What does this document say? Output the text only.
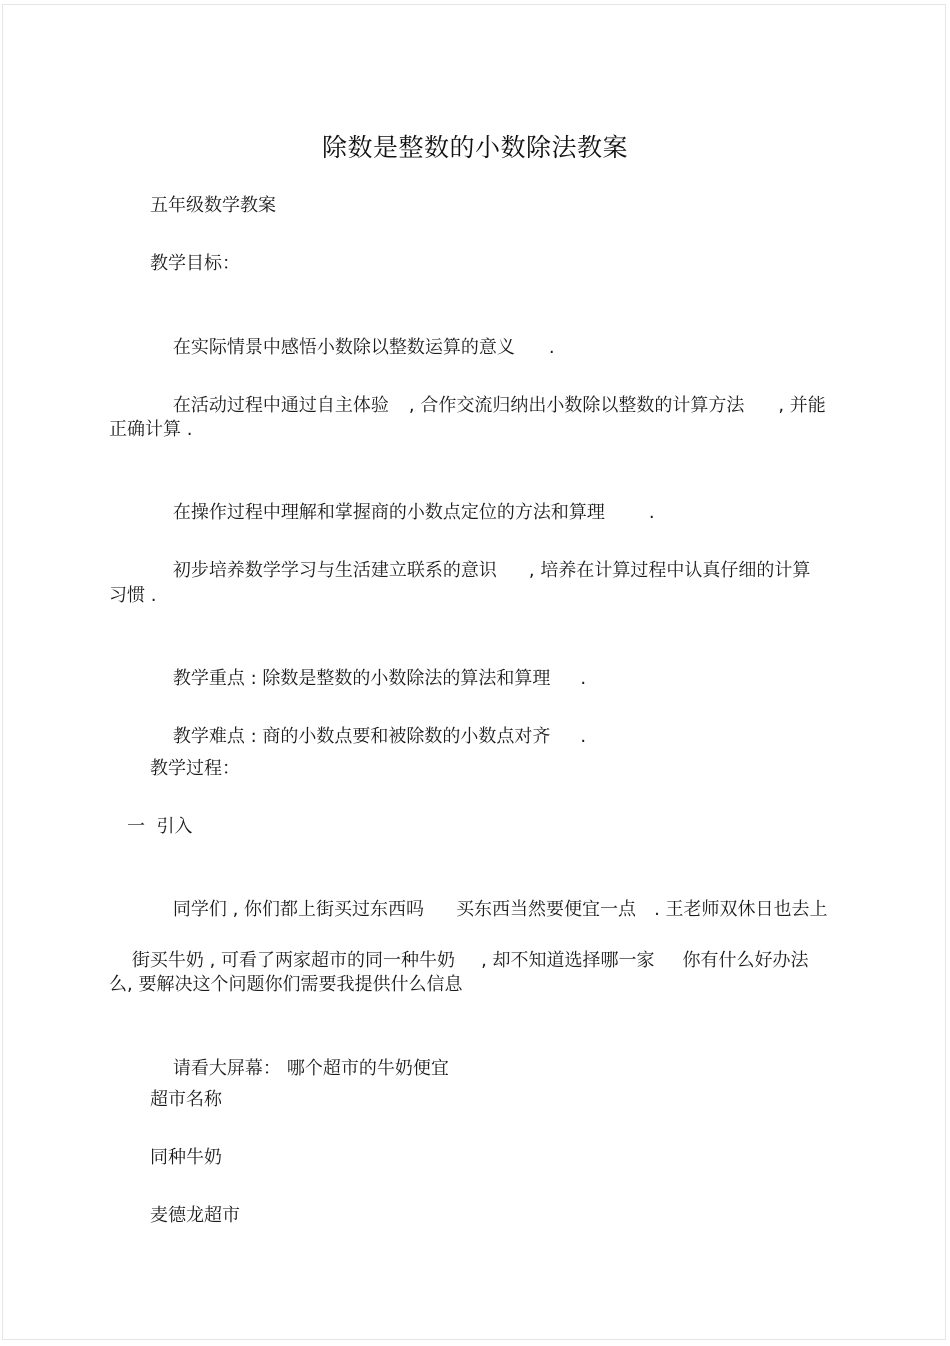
除数是整数的小数除法教案
五年级数学教案
教学目标：

在实际情景中感悟小数除以整数运算的意义 .

在活动过程中通过自主体验 , 合作交流归纳出小数除以整数的计算方法 , 并能

正确计算 .

在操作过程中理解和掌握商的小数点定位的方法和算理 .

初步培养数学学习与生活建立联系的意识 , 培养在计算过程中认真仔细的计算

习惯 .

教学重点 : 除数是整数的小数除法的算法和算理 .

教学难点 : 商的小数点要和被除数的小数点对齐 .

教学过程：
一  引入

同学们 , 你们都上街买过东西吗 买东西当然要便宜一点 . 王老师双休日也去上

街买牛奶 , 可看了两家超市的同一种牛奶 , 却不知道选择哪一家 你有什么好办法

么, 要解决这个问题你们需要我提供什么信息

请看大屏幕： 哪个超市的牛奶便宜

超市名称
同种牛奶
麦德龙超市
